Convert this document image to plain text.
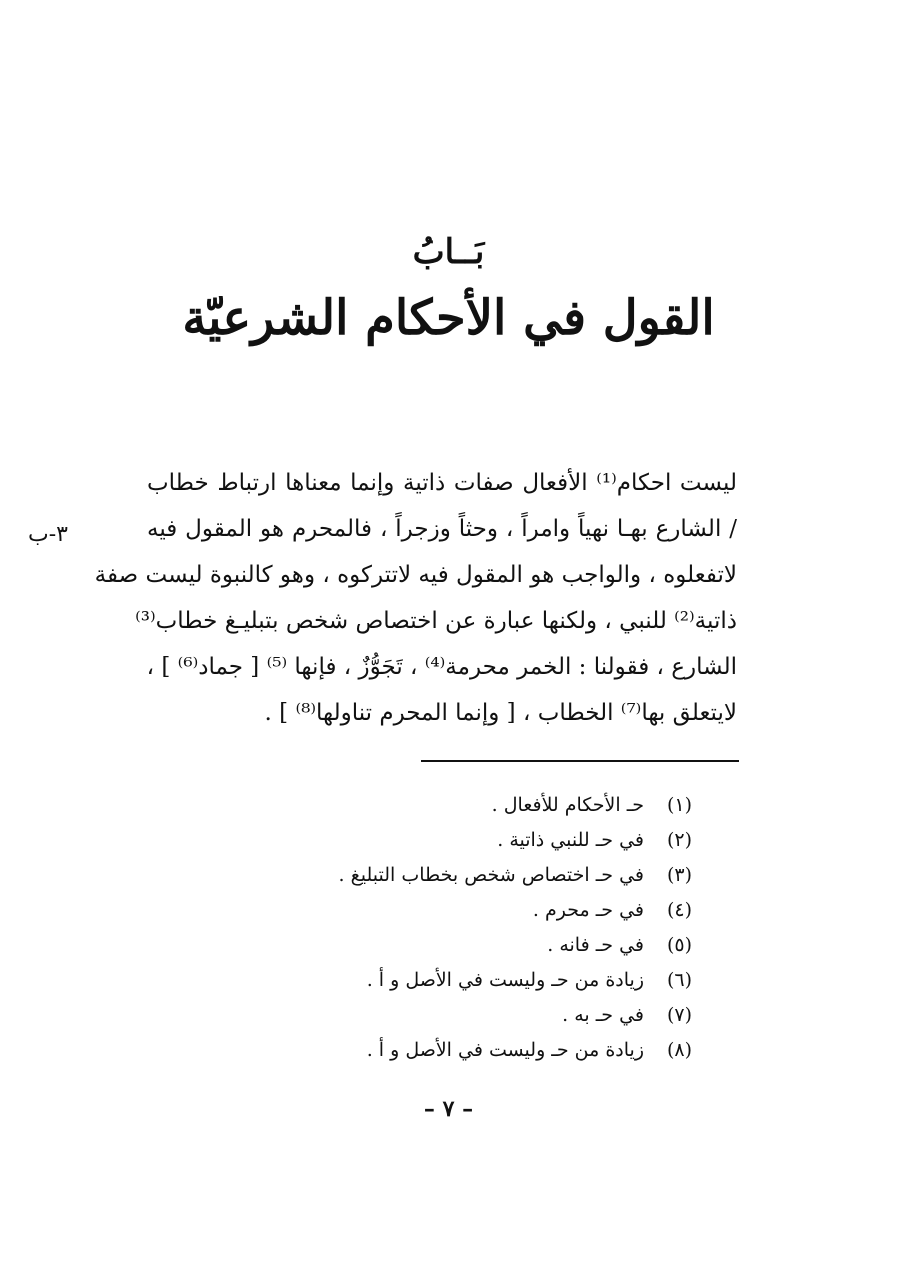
بَــابُ
القول في الأحكام الشرعيّة
ليست احكام⁽¹⁾ الأفعال صفات ذاتية وإنما معناها ارتباط خطاب
/ الشارع بهـا نهياً وامراً ، وحثاً وزجراً ، فالمحرم هو المقول فيه
لاتفعلوه ، والواجب هو المقول فيه لاتتركوه ، وهو كالنبوة ليست صفة
ذاتية⁽²⁾ للنبي ، ولكنها عبارة عن اختصاص شخص بتبليـغ خطاب⁽³⁾
الشارع ، فقولنا : الخمر محرمة⁽⁴⁾ ، تَجَوُّزٌ ، فإنها ⁽⁵⁾ [ جماد⁽⁶⁾ ] ،
لايتعلق بها⁽⁷⁾ الخطاب ، [ وإنما المحرم تناولها⁽⁸⁾ ] .
٣-ب
(١)
حـ الأحكام للأفعال .
(٢)
في حـ للنبي ذاتية .
(٣)
في حـ اختصاص شخص بخطاب التبليغ .
(٤)
في حـ محرم .
(٥)
في حـ فانه .
(٦)
زيادة من حـ وليست في الأصل و أ .
(٧)
في حـ به .
(٨)
زيادة من حـ وليست في الأصل و أ .
– ٧ –
